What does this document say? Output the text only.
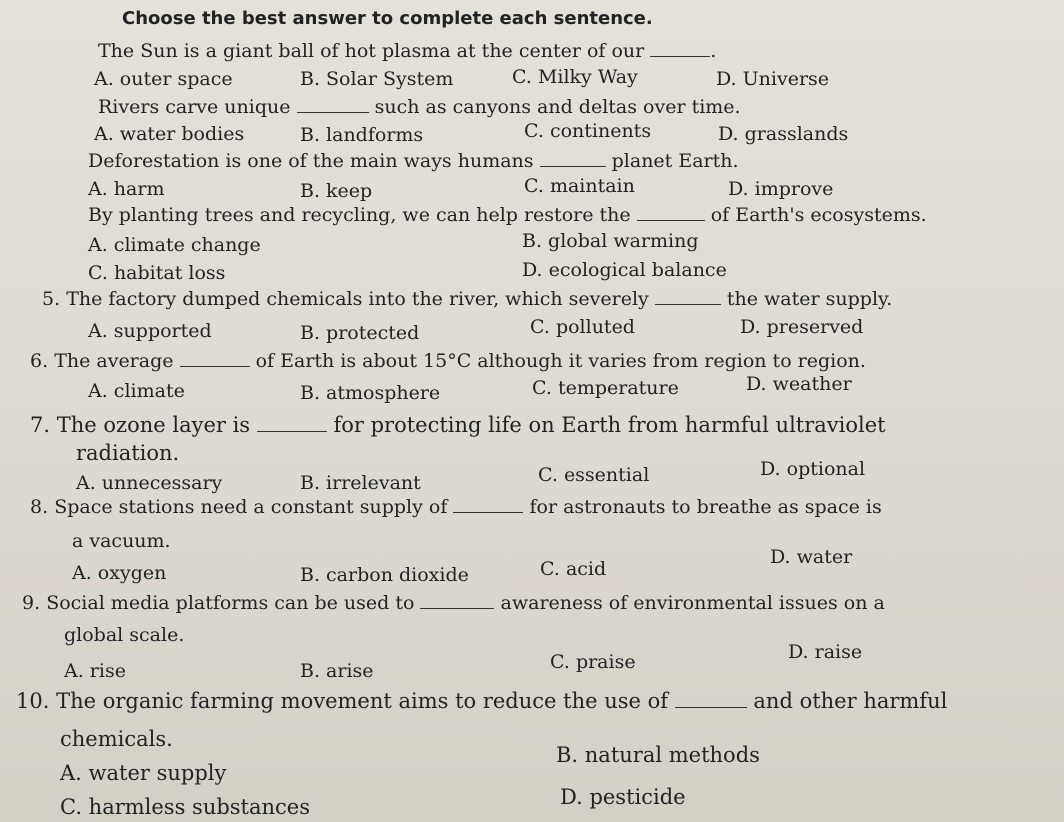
Choose the best answer to complete each sentence.
The Sun is a giant ball of hot plasma at the center of our	.
A. outer space	B. Solar System	C. Milky Way	D. Universe
Rivers carve unique	such as canyons and deltas over time.
A. water bodies	B. landforms	C. continents	D. grasslands
Deforestation is one of the main ways humans	planet Earth.
A. harm	B. keep	C. maintain	D. improve
By planting trees and recycling, we can help restore the	of Earth's ecosystems.
A. climate change	B. global warming
C. habitat loss	D. ecological balance
5. The factory dumped chemicals into the river, which severely	the water supply.
A. supported	B. protected	C. polluted	D. preserved
6. The average	of Earth is about 15°C although it varies from region to region.
A. climate	B. atmosphere	C. temperature	D. weather
7. The ozone layer is	for protecting life on Earth from harmful ultraviolet
radiation.
A. unnecessary	B. irrelevant	C. essential	D. optional
8. Space stations need a constant supply of	for astronauts to breathe as space is
a vacuum.
A. oxygen	B. carbon dioxide	C. acid
D. water
9. Social media platforms can be used to	awareness of environmental issues on a
global scale.
A. rise	B. arise	C. praise	D. raise
10. The organic farming movement aims to reduce the use of	and other harmful
chemicals.
A. water supply
B. natural methods
C. harmless substances	D. pesticide
